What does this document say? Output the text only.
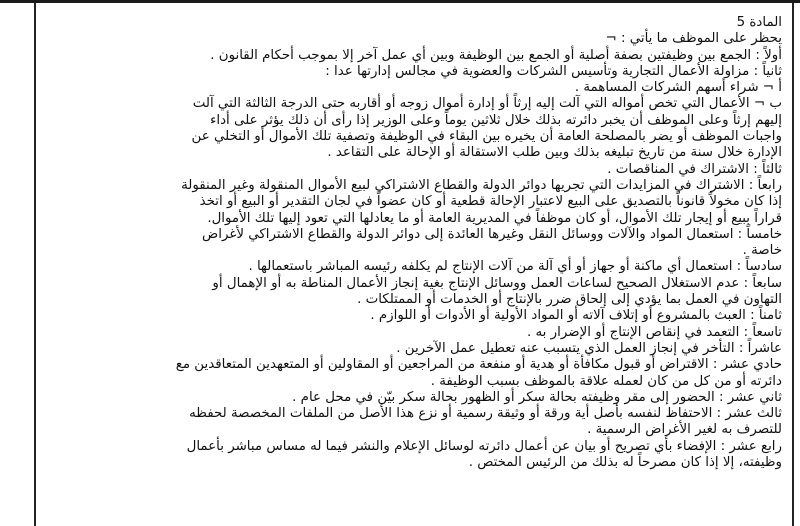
المادة 5

يحظر على الموظف ما يأتي : ¬

أولاً : الجمع بين وظيفتين بصفة أصلية أو الجمع بين الوظيفة وبين أي عمل آخر إلا بموجب أحكام القانون .

ثانياً : مزاولة الأعمال التجارية وتأسيس الشركات والعضوية في مجالس إدارتها عدا :

أ ¬ شراء أسهم الشركات المساهمة .

ب ¬ الأعمال التي تخص أمواله التي آلت إليه إرثاً أو إدارة أموال زوجه أو أقاربه حتى الدرجة الثالثة التي آلت

إليهم إرثاً وعلى الموظف أن يخبر دائرته بذلك خلال ثلاثين يوماً وعلى الوزير إذا رأى أن ذلك يؤثر على أداء

واجبات الموظف أو يضر بالمصلحة العامة أن يخيره بين البقاء في الوظيفة وتصفية تلك الأموال أو التخلي عن

الإدارة خلال سنة من تاريخ تبليغه بذلك وبين طلب الاستقالة أو الإحالة على التقاعد .

ثالثاً : الاشتراك في المناقصات .

رابعاً : الاشتراك في المزايدات التي تجريها دوائر الدولة والقطاع الاشتراكي لبيع الأموال المنقولة وغير المنقولة

إذا كان مخولاً قانوناً بالتصديق على البيع لاعتبار الإحالة قطعية أو كان عضواً في لجان التقدير أو البيع أو اتخذ

قراراً ببيع أو إيجار تلك الأموال، أو كان موظفاً في المديرية العامة أو ما يعادلها التي تعود إليها تلك الأموال.

خامساً : استعمال المواد والآلات ووسائل النقل وغيرها العائدة إلى دوائر الدولة والقطاع الاشتراكي لأغراض

خاصة .

سادساً : استعمال أي ماكنة أو جهاز أو أي آلة من آلات الإنتاج لم يكلفه رئيسه المباشر باستعمالها .

سابعاً : عدم الاستغلال الصحيح لساعات العمل ووسائل الإنتاج بغية إنجاز الأعمال المناطة به أو الإهمال أو

التهاون في العمل بما يؤدي إلى إلحاق ضرر بالإنتاج أو الخدمات أو الممتلكات .

ثامناً : العبث بالمشروع أو إتلاف آلاته أو المواد الأولية أو الأدوات أو اللوازم .

تاسعاً : التعمد في إنقاص الإنتاج أو الإضرار به .

عاشراً : التأخر في إنجاز العمل الذي يتسبب عنه تعطيل عمل الآخرين .

حادي عشر : الاقتراض أو قبول مكافأة أو هدية أو منفعة من المراجعين أو المقاولين أو المتعهدين المتعاقدين مع

دائرته أو من كل من كان لعمله علاقة بالموظف بسبب الوظيفة .

ثاني عشر : الحضور إلى مقر وظيفته بحالة سكر أو الظهور بحالة سكر بيّن في محل عام .

ثالث عشر : الاحتفاظ لنفسه بأصل أية ورقة أو وثيقة رسمية أو نزع هذا الأصل من الملفات المخصصة لحفظه

للتصرف به لغير الأغراض الرسمية .

رابع عشر : الإفضاء بأي تصريح أو بيان عن أعمال دائرته لوسائل الإعلام والنشر فيما له مساس مباشر بأعمال

وظيفته، إلا إذا كان مصرحاً له بذلك من الرئيس المختص .
